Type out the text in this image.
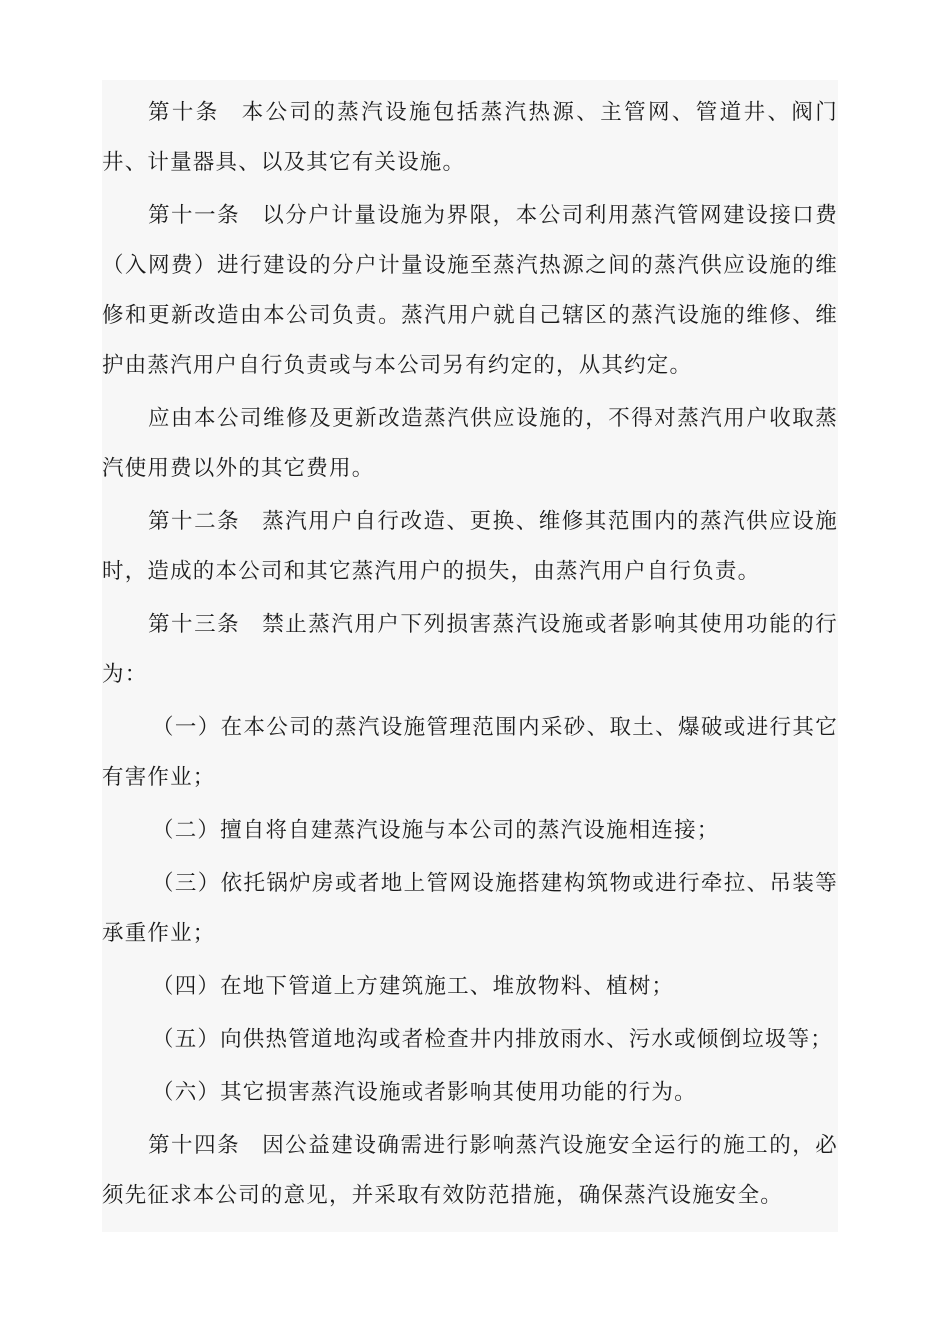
第十条 本公司的蒸汽设施包括蒸汽热源、主管网、管道井、阀门井、计量器具、以及其它有关设施。

第十一条 以分户计量设施为界限，本公司利用蒸汽管网建设接口费（入网费）进行建设的分户计量设施至蒸汽热源之间的蒸汽供应设施的维修和更新改造由本公司负责。蒸汽用户就自己辖区的蒸汽设施的维修、维护由蒸汽用户自行负责或与本公司另有约定的，从其约定。

应由本公司维修及更新改造蒸汽供应设施的，不得对蒸汽用户收取蒸汽使用费以外的其它费用。

第十二条 蒸汽用户自行改造、更换、维修其范围内的蒸汽供应设施时，造成的本公司和其它蒸汽用户的损失，由蒸汽用户自行负责。

第十三条 禁止蒸汽用户下列损害蒸汽设施或者影响其使用功能的行为：

（一）在本公司的蒸汽设施管理范围内采砂、取土、爆破或进行其它有害作业；

（二）擅自将自建蒸汽设施与本公司的蒸汽设施相连接；

（三）依托锅炉房或者地上管网设施搭建构筑物或进行牵拉、吊装等承重作业；

（四）在地下管道上方建筑施工、堆放物料、植树；

（五）向供热管道地沟或者检查井内排放雨水、污水或倾倒垃圾等；

（六）其它损害蒸汽设施或者影响其使用功能的行为。

第十四条 因公益建设确需进行影响蒸汽设施安全运行的施工的，必须先征求本公司的意见，并采取有效防范措施，确保蒸汽设施安全。
